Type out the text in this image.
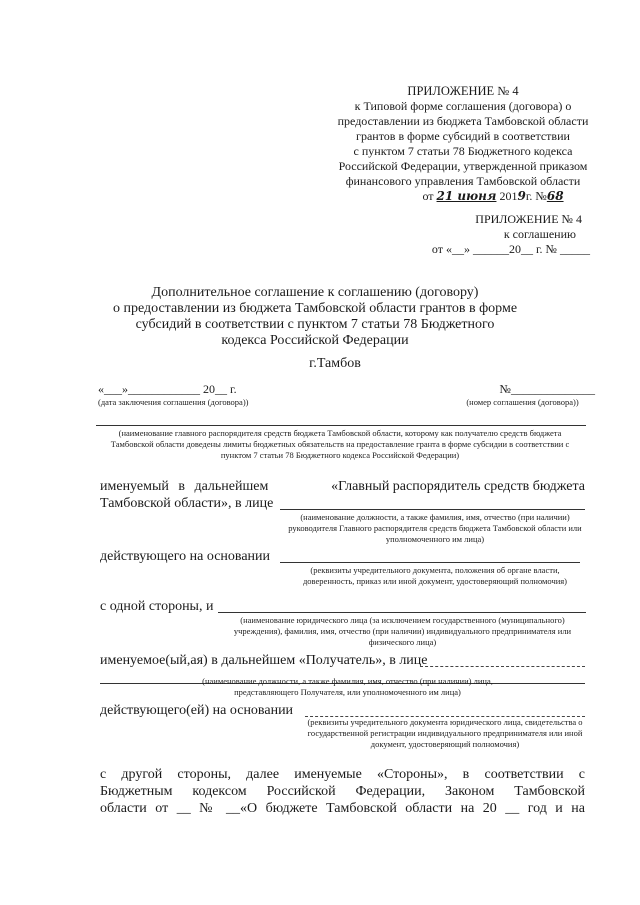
ПРИЛОЖЕНИЕ № 4
к Типовой форме соглашения (договора) о
предоставлении из бюджета Тамбовской области
грантов в форме субсидий в соответствии
с пунктом 7 статьи 78 Бюджетного кодекса
Российской Федерации, утвержденной приказом
финансового управления Тамбовской области
от 21 июня 2019г. №68
ПРИЛОЖЕНИЕ № 4
к соглашению
от «__» ______20__ г. № _____
Дополнительное соглашение к соглашению (договору)
о предоставлении из бюджета Тамбовской области грантов в форме
субсидий в соответствии с пунктом 7 статьи 78 Бюджетного
кодекса Российской Федерации
г.Тамбов
«___»____________ 20__ г.
(дата заключения соглашения (договора))
№______________
(номер соглашения (договора))
(наименование главного распорядителя средств бюджета Тамбовской области, которому как получателю средств бюджета Тамбовской области доведены лимиты бюджетных обязательств на предоставление гранта в форме субсидии в соответствии с пунктом 7 статьи 78 Бюджетного кодекса Российской Федерации)
именуемый в дальнейшем	«Главный распорядитель средств бюджета
Тамбовской области», в лице
(наименование должности, а также фамилия, имя, отчество (при наличии) руководителя Главного распорядителя средств бюджета Тамбовской области или уполномоченного им лица)
действующего на основании
(реквизиты учредительного документа, положения об органе власти, доверенность, приказ или иной документ, удостоверяющий полномочия)
с одной стороны, и
(наименование юридического лица (за исключением государственного (муниципального) учреждения), фамилия, имя, отчество (при наличии) индивидуального предпринимателя или физического лица)
именуемое(ый,ая) в дальнейшем «Получатель», в лице
(наименование должности, а также фамилия, имя, отчество (при наличии) лица, представляющего Получателя, или уполномоченного им лица)
действующего(ей) на основании
(реквизиты учредительного документа юридического лица, свидетельства о государственной регистрации индивидуального предпринимателя или иной документ, удостоверяющий полномочия)
с другой стороны, далее именуемые «Стороны», в соответствии с
Бюджетным кодексом Российской Федерации, Законом Тамбовской
области от __ № __«О бюджете Тамбовской области на 20 __ год и на
